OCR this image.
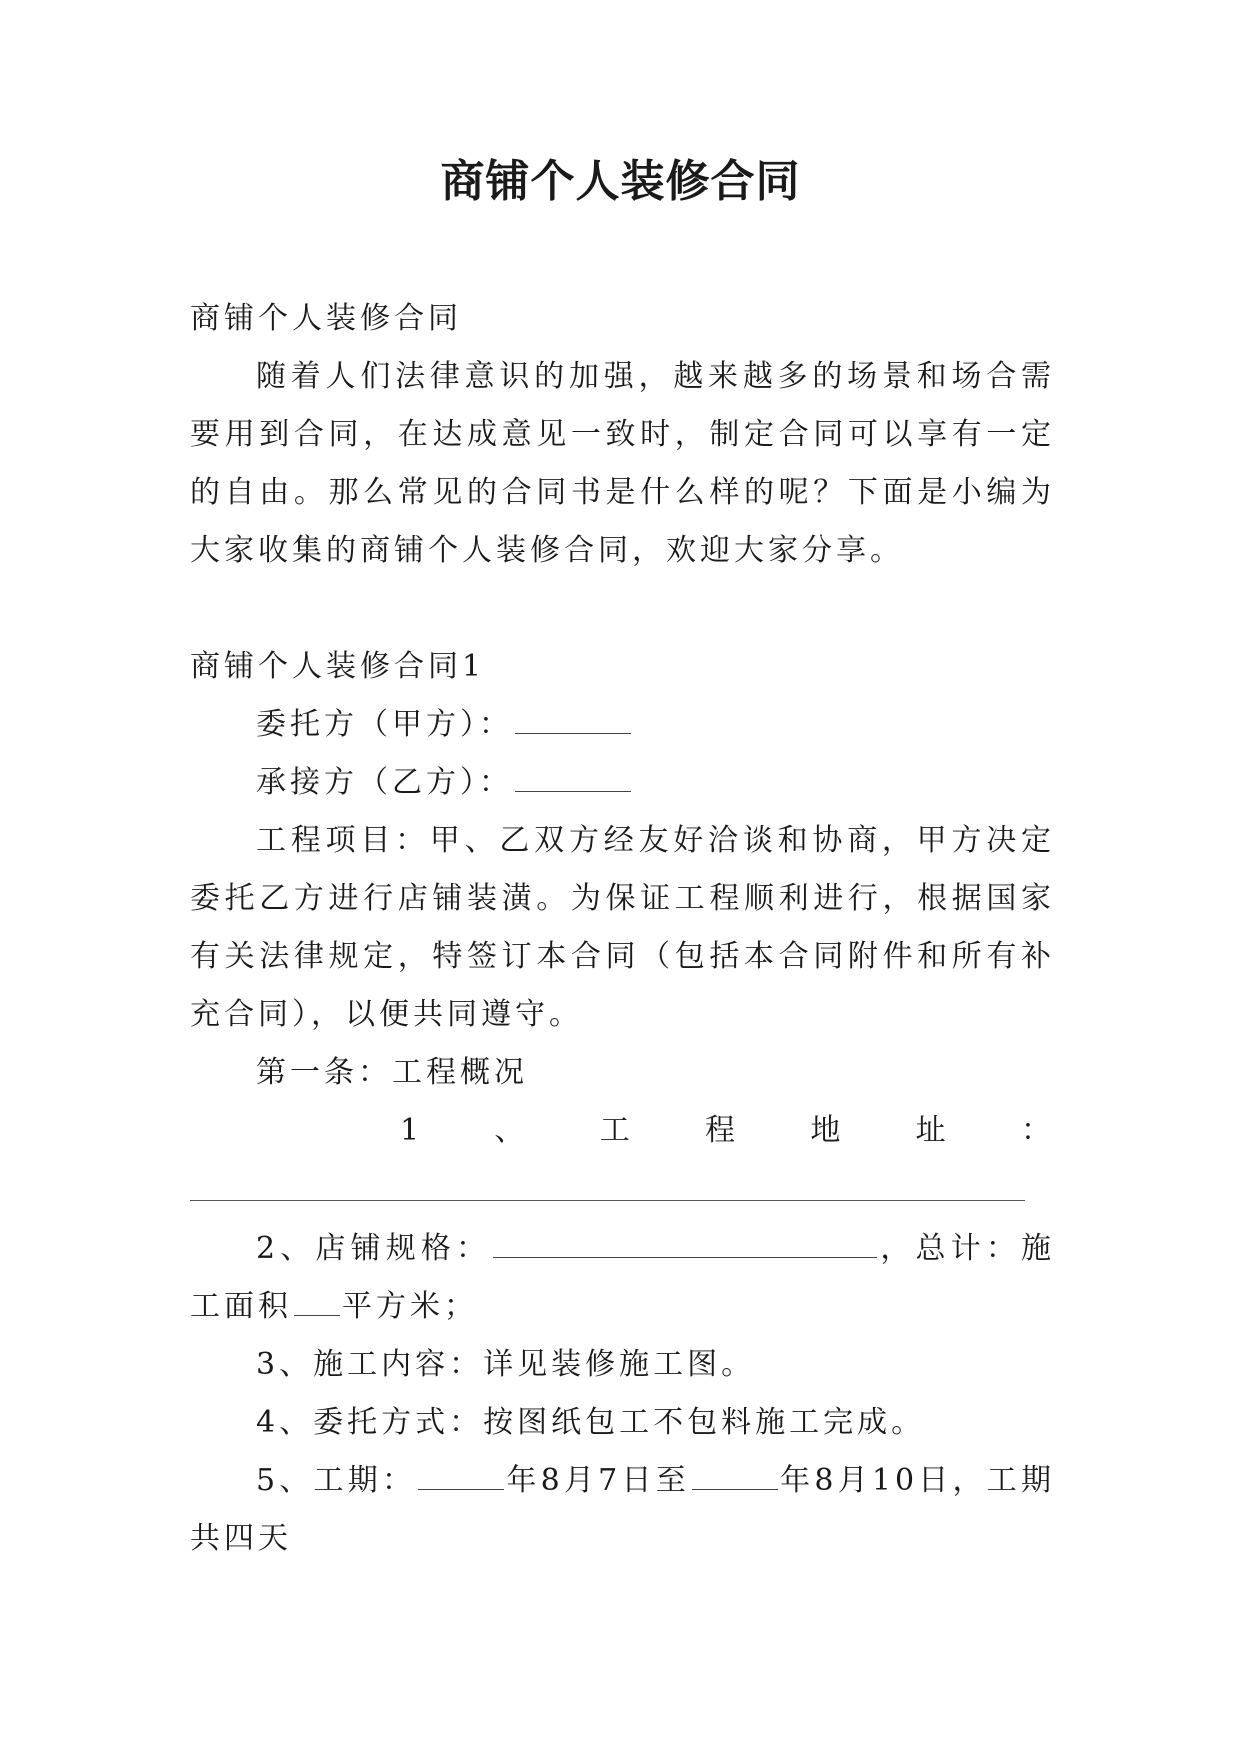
商铺个人装修合同

商铺个人装修合同

随着人们法律意识的加强，越来越多的场景和场合需要用到合同，在达成意见一致时，制定合同可以享有一定的自由。那么常见的合同书是什么样的呢？下面是小编为大家收集的商铺个人装修合同，欢迎大家分享。

商铺个人装修合同1

委托方（甲方）：

承接方（乙方）：

工程项目：甲、乙双方经友好洽谈和协商，甲方决定委托乙方进行店铺装潢。为保证工程顺利进行，根据国家有关法律规定，特签订本合同（包括本合同附件和所有补充合同），以便共同遵守。

第一条：工程概况

1 、 工 程 地 址 ：

2、店铺规格：	，总计：施工面积 平方米；

3、施工内容：详见装修施工图。

4、委托方式：按图纸包工不包料施工完成。

5、工期：	年8月7日至	年8月10日，工期共四天
